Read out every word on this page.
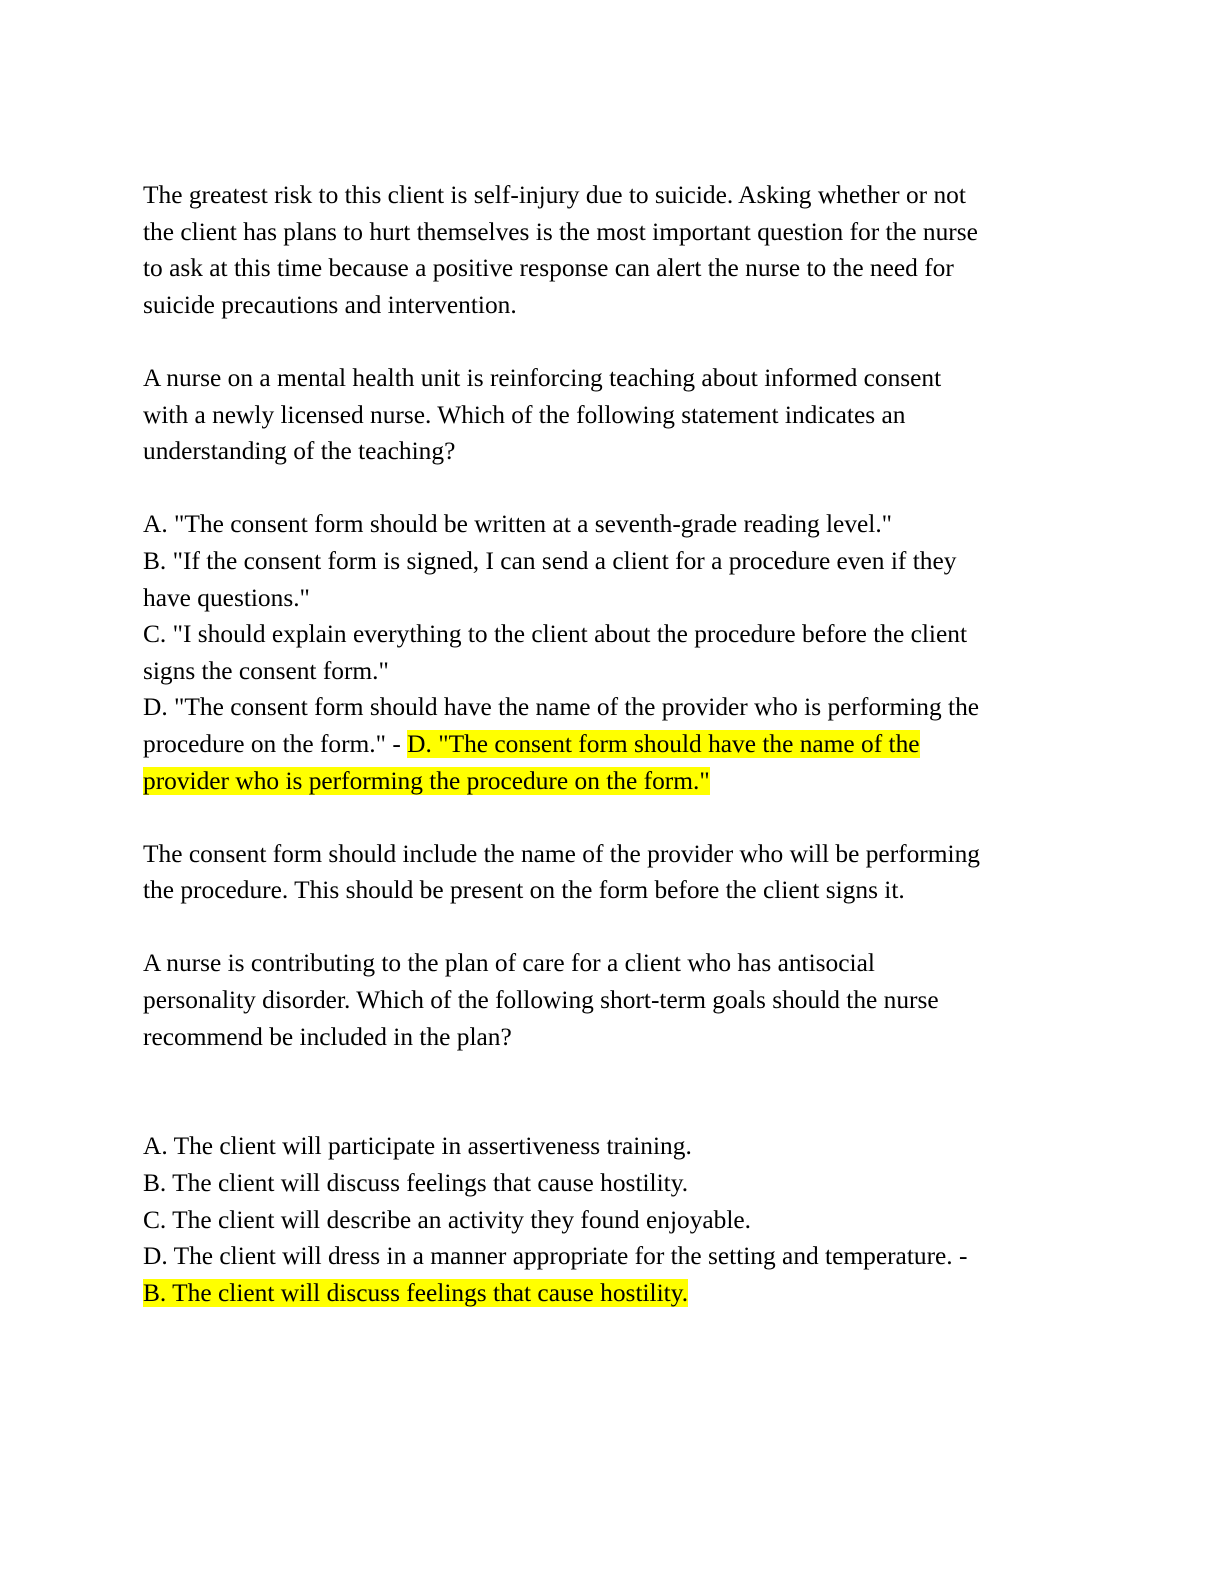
The greatest risk to this client is self-injury due to suicide. Asking whether or not
the client has plans to hurt themselves is the most important question for the nurse
to ask at this time because a positive response can alert the nurse to the need for
suicide precautions and intervention.

A nurse on a mental health unit is reinforcing teaching about informed consent
with a newly licensed nurse. Which of the following statement indicates an
understanding of the teaching?

A. "The consent form should be written at a seventh-grade reading level."
B. "If the consent form is signed, I can send a client for a procedure even if they
have questions."
C. "I should explain everything to the client about the procedure before the client
signs the consent form."
D. "The consent form should have the name of the provider who is performing the
procedure on the form." - D. "The consent form should have the name of the
provider who is performing the procedure on the form."

The consent form should include the name of the provider who will be performing
the procedure. This should be present on the form before the client signs it.

A nurse is contributing to the plan of care for a client who has antisocial
personality disorder. Which of the following short-term goals should the nurse
recommend be included in the plan?

A. The client will participate in assertiveness training.
B. The client will discuss feelings that cause hostility.
C. The client will describe an activity they found enjoyable.
D. The client will dress in a manner appropriate for the setting and temperature. -
B. The client will discuss feelings that cause hostility.
